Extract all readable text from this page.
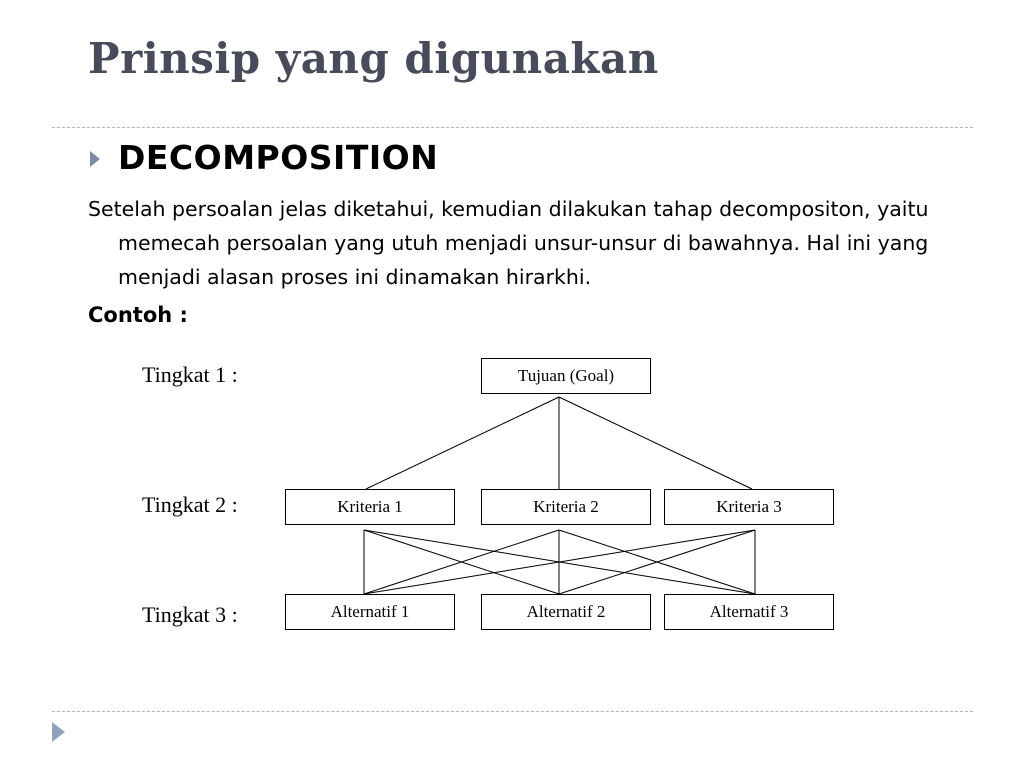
Prinsip yang digunakan
DECOMPOSITION

Setelah persoalan jelas diketahui, kemudian dilakukan tahap decompositon, yaitu memecah persoalan yang utuh menjadi unsur-unsur di bawahnya. Hal ini yang menjadi alasan proses ini dinamakan hirarkhi.

Contoh :

Tingkat 1 :
Tingkat 2 :
Tingkat 3 :
Tujuan (Goal)
Kriteria 1	Kriteria 2	Kriteria 3
Alternatif 1	Alternatif 2	Alternatif 3
